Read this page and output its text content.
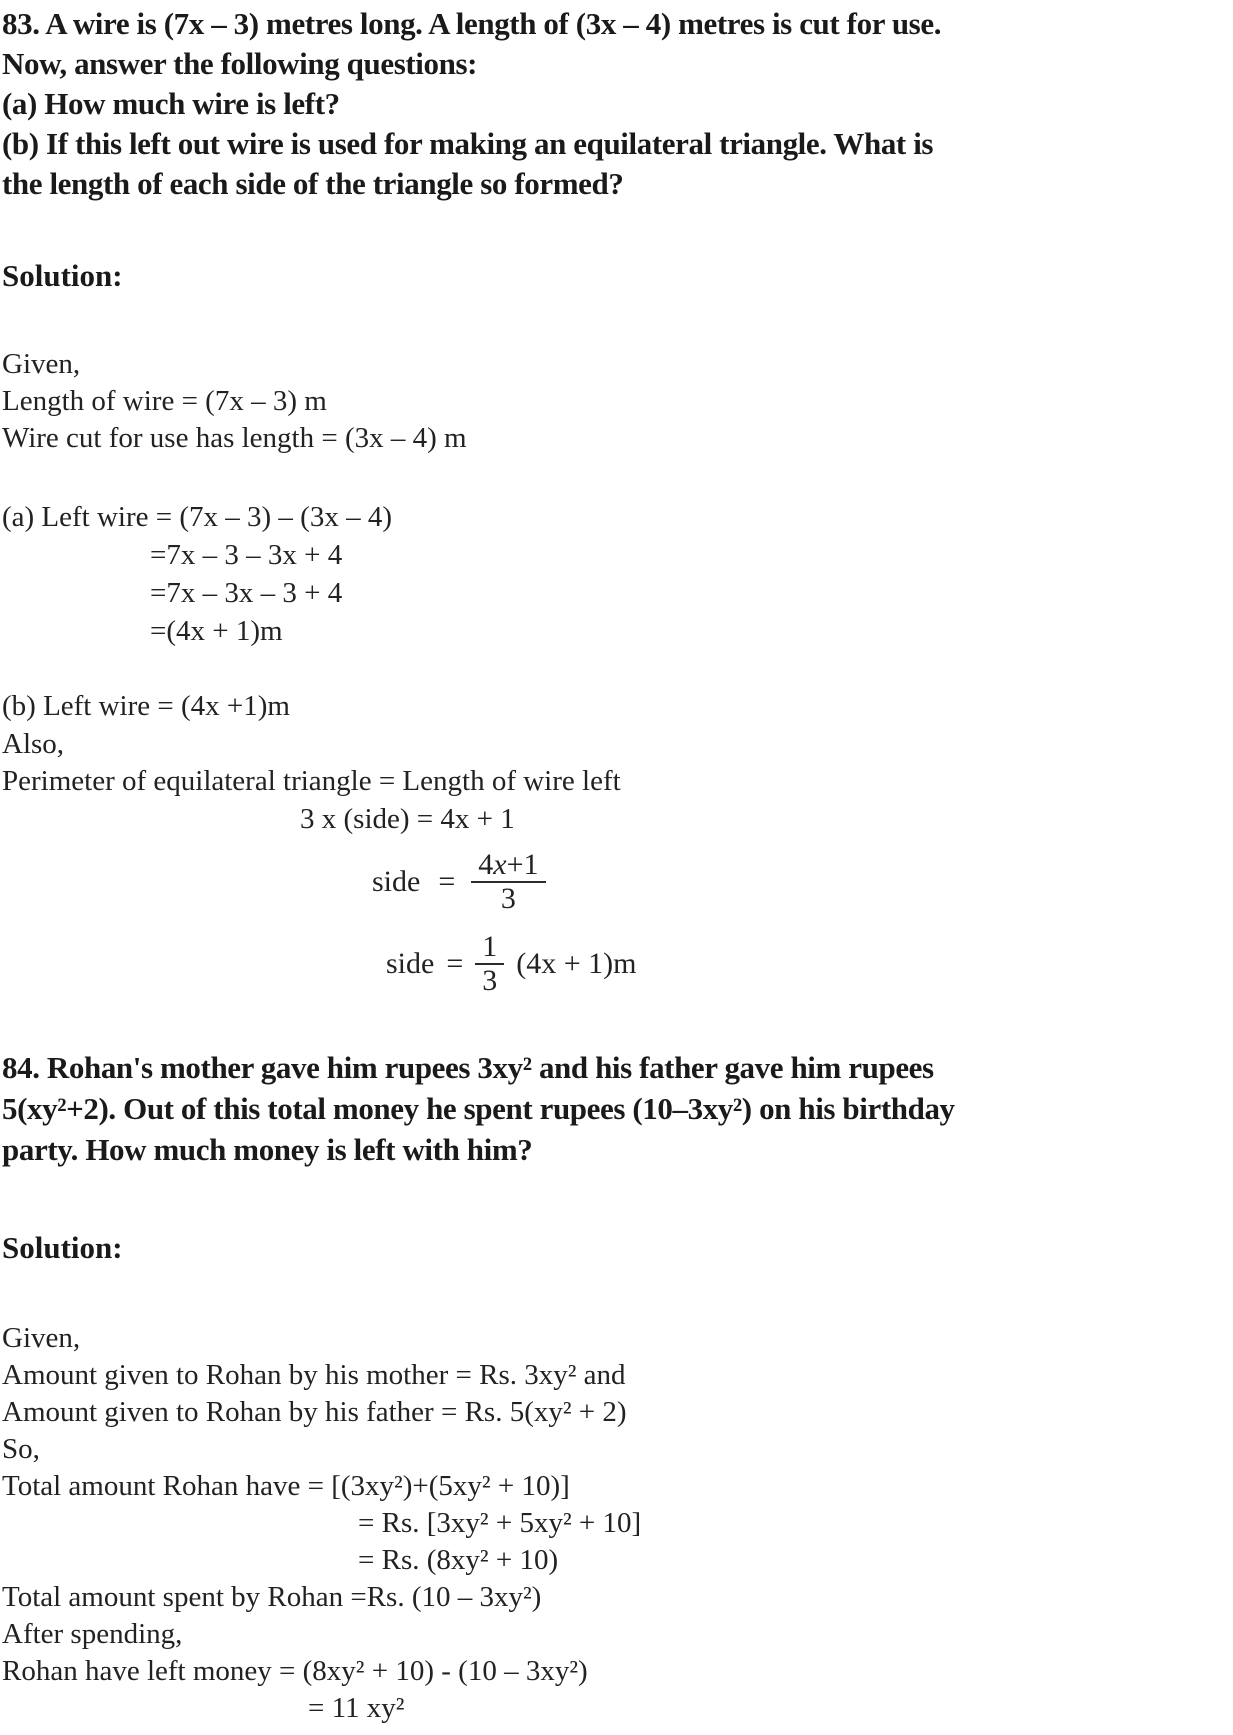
83. A wire is (7x – 3) metres long. A length of (3x – 4) metres is cut for use.
Now, answer the following questions:
(a) How much wire is left?
(b) If this left out wire is used for making an equilateral triangle. What is
the length of each side of the triangle so formed?
Solution:
Given,
Length of wire = (7x – 3) m
Wire cut for use has length = (3x – 4) m
(a) Left wire = (7x – 3) – (3x – 4)
=7x – 3 – 3x + 4
=7x – 3x – 3 + 4
=(4x + 1)m
(b) Left wire = (4x +1)m
Also,
Perimeter of equilateral triangle = Length of wire left
3 x (side) = 4x + 1
side = $\frac{4x+1}{3}$
side = $\frac{1}{3} (4x + 1)m$
84. Rohan's mother gave him rupees 3xy² and his father gave him rupees
5(xy²+2). Out of this total money he spent rupees (10–3xy²) on his birthday
party. How much money is left with him?
Solution:
Given,
Amount given to Rohan by his mother = Rs. 3xy² and
Amount given to Rohan by his father = Rs. 5(xy² + 2)
So,
Total amount Rohan have = [(3xy²)+(5xy² + 10)]
= Rs. [3xy² + 5xy² + 10]
= Rs. (8xy² + 10)
Total amount spent by Rohan =Rs. (10 – 3xy²)
After spending,
Rohan have left money = (8xy² + 10) - (10 – 3xy²)
= 11 xy²
